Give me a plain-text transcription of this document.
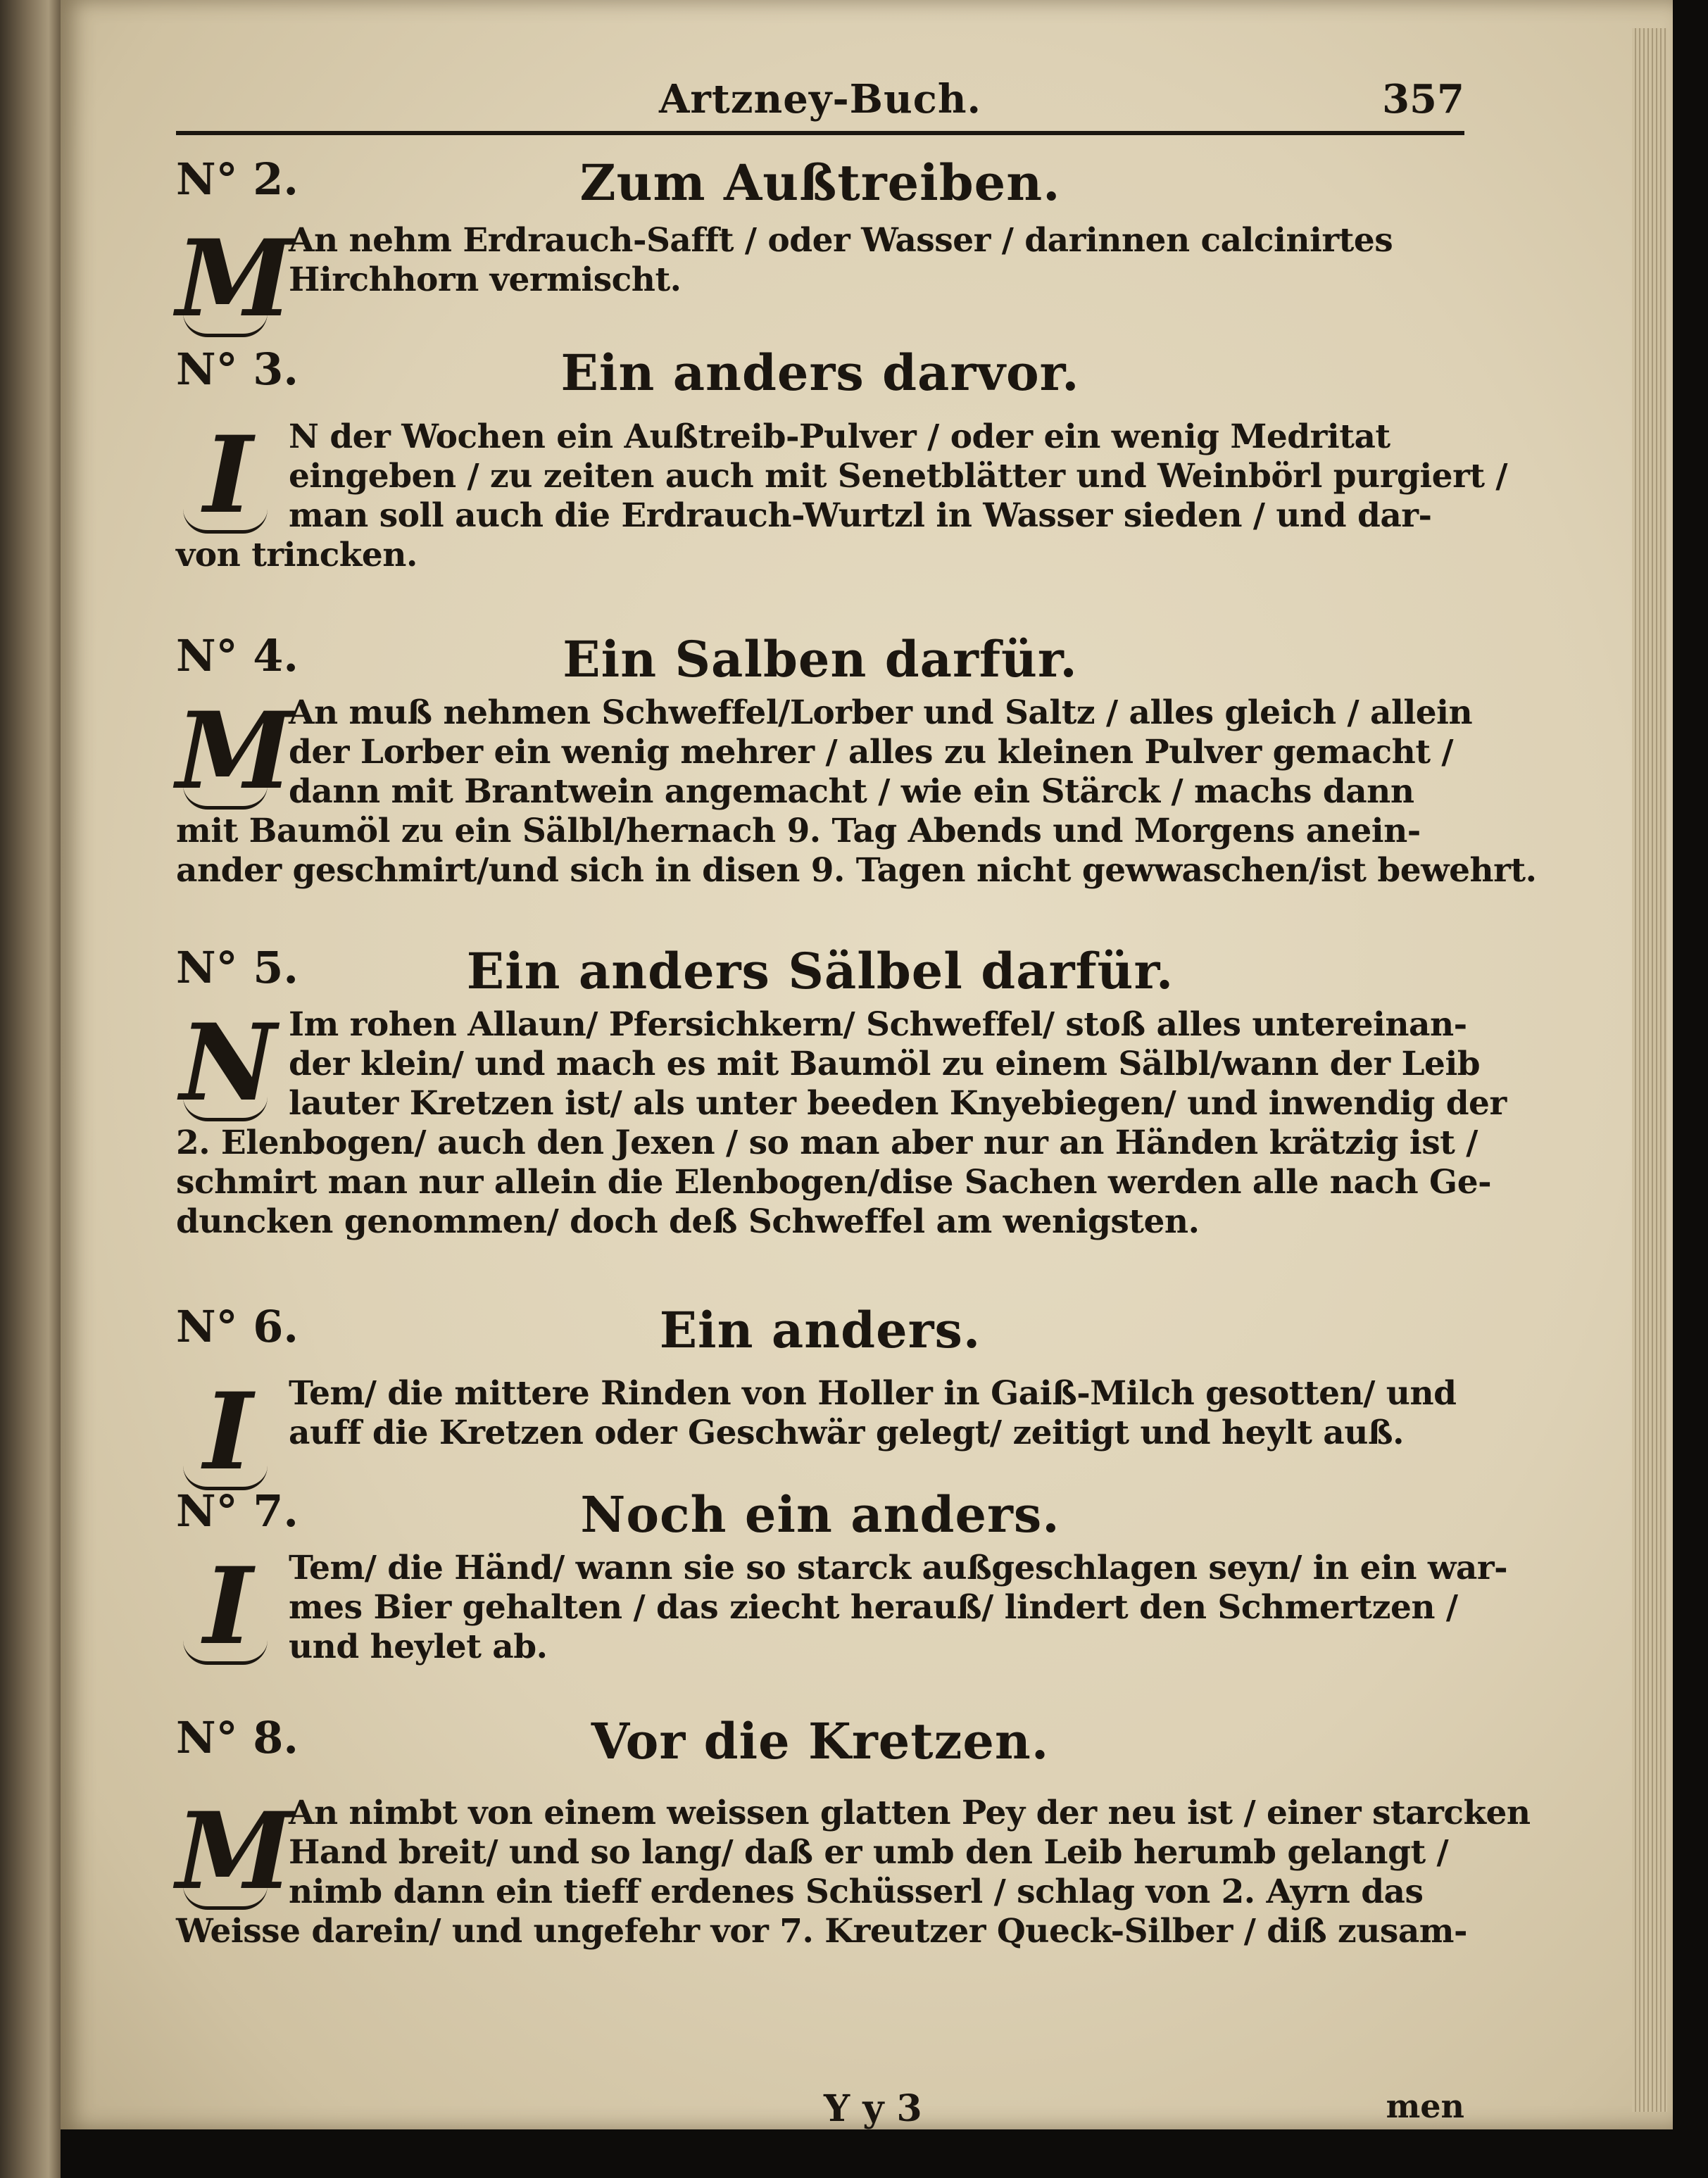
Artzney-Buch.	357
N° 2.	Zum Außtreiben.
M
An nehm Erdrauch-Safft / oder Wasser / darinnen calcinirtes
Hirchhorn vermischt.
N° 3.	Ein anders darvor.
I	N der Wochen ein Außtreib-Pulver / oder ein wenig Medritat
eingeben / zu zeiten auch mit Senetblätter und Weinbörl purgiert /
man soll auch die Erdrauch-Wurtzl in Wasser sieden / und dar-
von trincken.
N° 4.	Ein Salben darfür.
M
An muß nehmen Schweffel/Lorber und Saltz / alles gleich / allein
der Lorber ein wenig mehrer / alles zu kleinen Pulver gemacht /
dann mit Brantwein angemacht / wie ein Stärck / machs dann
mit Baumöl zu ein Sälbl/hernach 9. Tag Abends und Morgens anein-
ander geschmirt/und sich in disen 9. Tagen nicht gewwaschen/ist bewehrt.
N° 5.	Ein anders Sälbel darfür.
N Im rohen Allaun/ Pfersichkern/ Schweffel/ stoß alles untereinan-
der klein/ und mach es mit Baumöl zu einem Sälbl/wann der Leib
lauter Kretzen ist/ als unter beeden Knyebiegen/ und inwendig der
2. Elenbogen/ auch den Jexen / so man aber nur an Händen krätzig ist /
schmirt man nur allein die Elenbogen/dise Sachen werden alle nach Ge-
duncken genommen/ doch deß Schweffel am wenigsten.
N° 6.	Ein anders.
I	Tem/ die mittere Rinden von Holler in Gaiß-Milch gesotten/ und
auff die Kretzen oder Geschwär gelegt/ zeitigt und heylt auß.
N° 7.	Noch ein anders.
I	Tem/ die Händ/ wann sie so starck außgeschlagen seyn/ in ein war-
mes Bier gehalten / das ziecht herauß/ lindert den Schmertzen /
und heylet ab.
N° 8.	Vor die Kretzen.
M
An nimbt von einem weissen glatten Pey der neu ist / einer starcken
Hand breit/ und so lang/ daß er umb den Leib herumb gelangt /
nimb dann ein tieff erdenes Schüsserl / schlag von 2. Ayrn das
Weisse darein/ und ungefehr vor 7. Kreutzer Queck-Silber / diß zusam-
Y y 3	men
